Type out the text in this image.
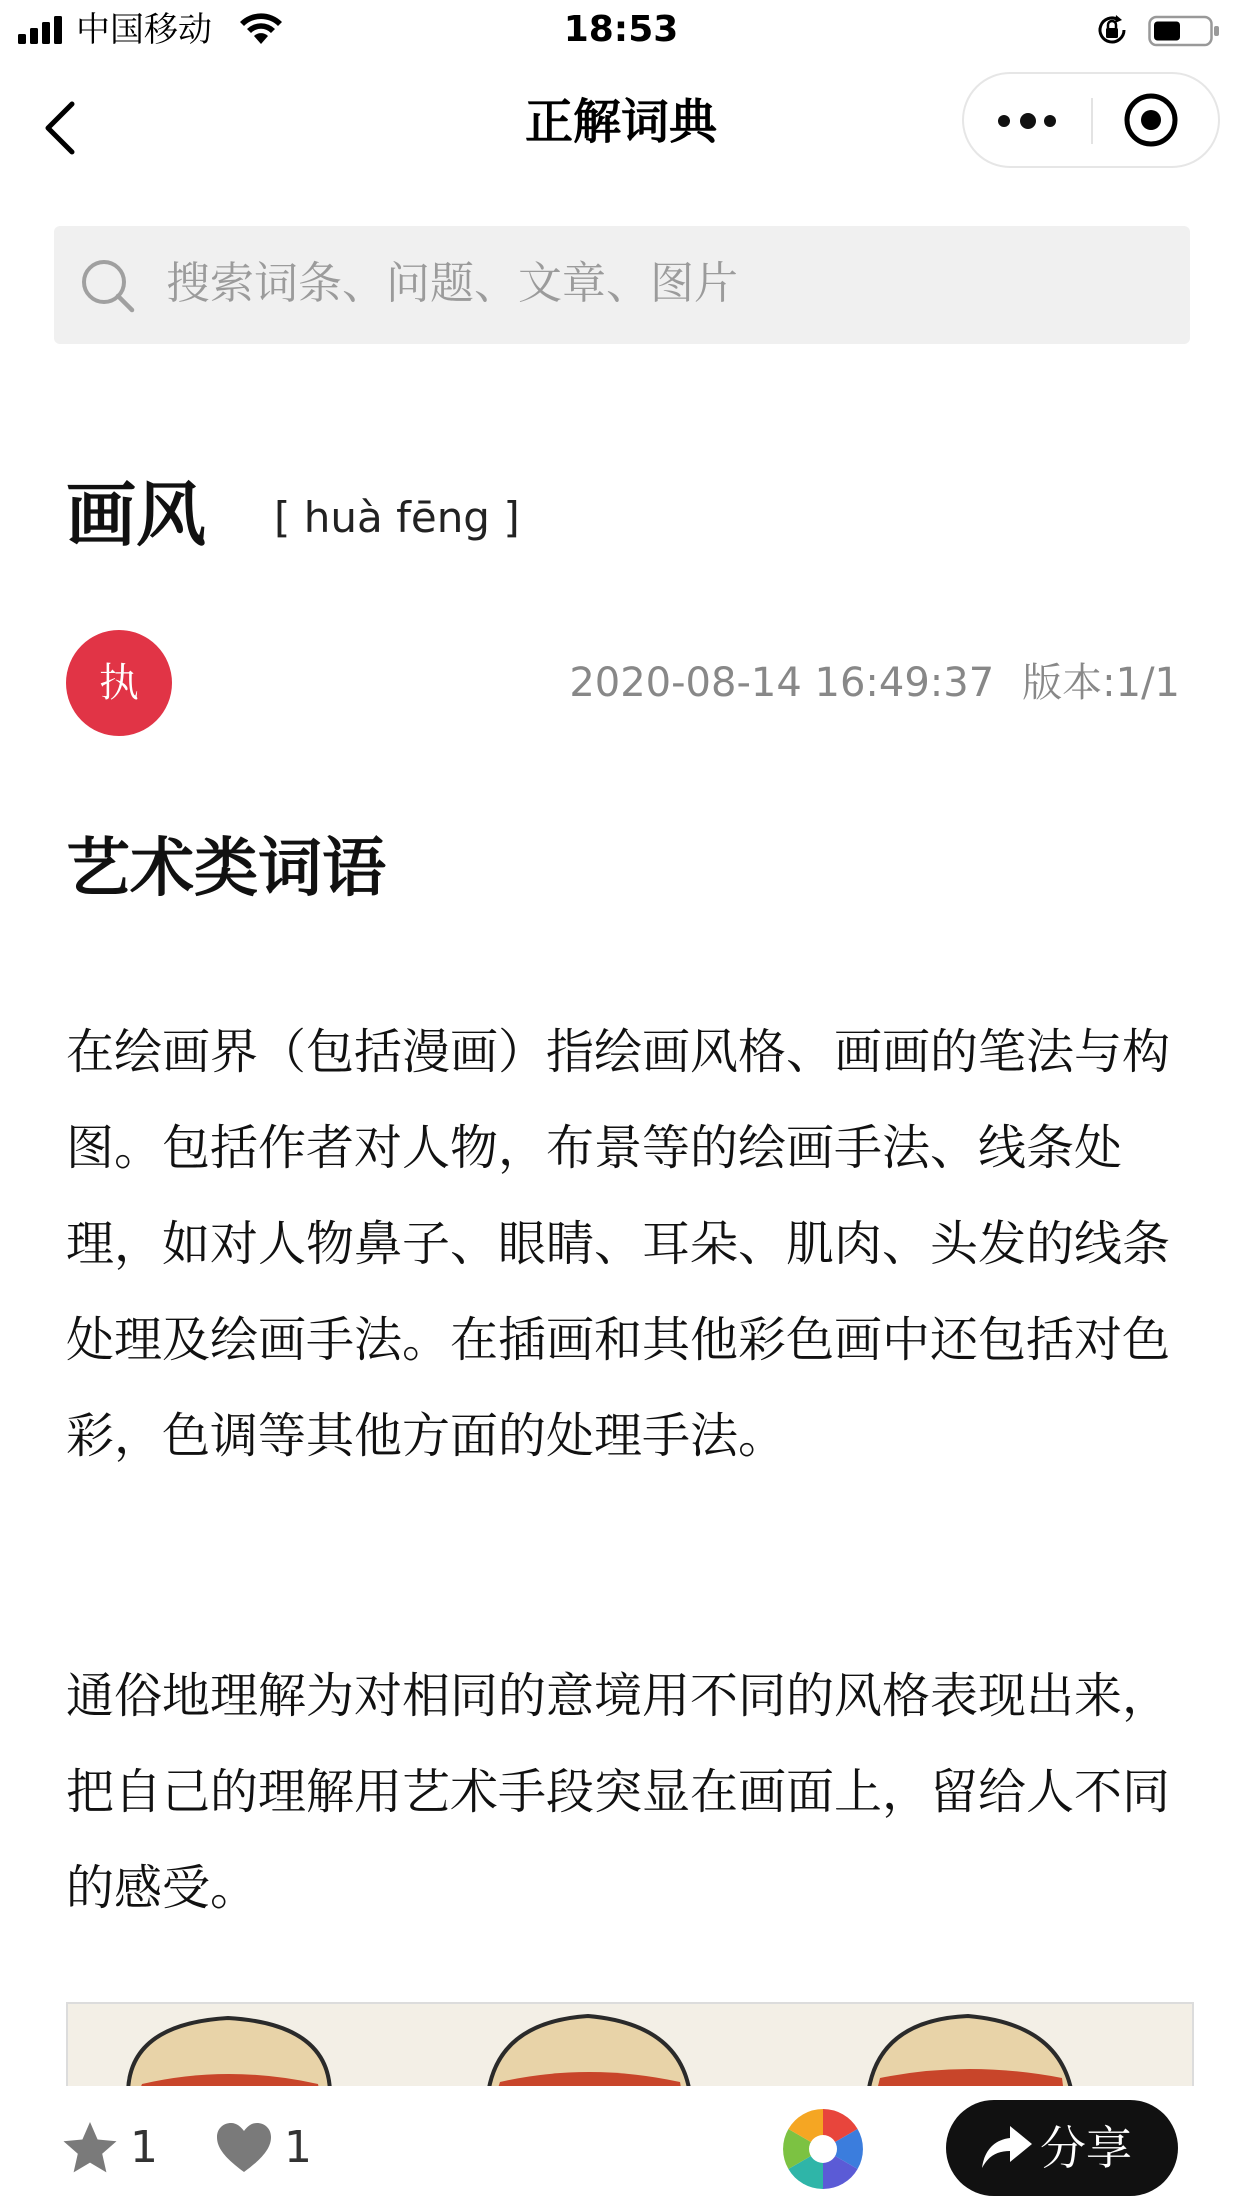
中国移动	18:53
正解词典
搜索词条、问题、文章、图片
画风 [ huà fēng ]
执	2020-08-14 16:49:37 版本:1/1
艺术类词语

在绘画界（包括漫画）指绘画风格、画画的笔法与构图。包括作者对人物，布景等的绘画手法、线条处理，如对人物鼻子、眼睛、耳朵、肌肉、头发的线条处理及绘画手法。在插画和其他彩色画中还包括对色彩，色调等其他方面的处理手法。

通俗地理解为对相同的意境用不同的风格表现出来，把自己的理解用艺术手段突显在画面上，留给人不同的感受。

1	1	分享
